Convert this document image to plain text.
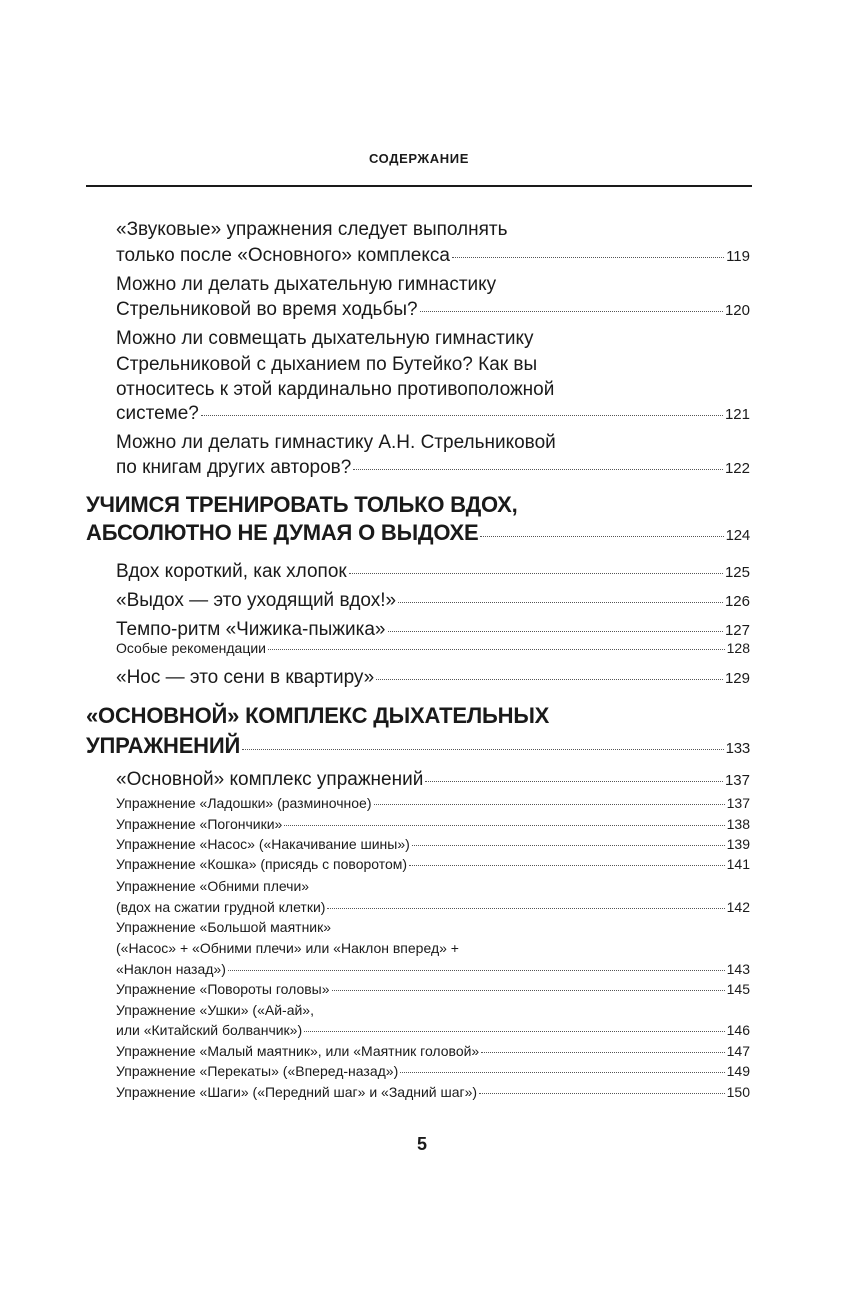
СОДЕРЖАНИЕ
«Звуковые» упражнения следует выполнять
только после «Основного» комплекса	119
Можно ли делать дыхательную гимнастику
Стрельниковой во время ходьбы?	120
Можно ли совмещать дыхательную гимнастику
Стрельниковой с дыханием по Бутейко? Как вы
относитесь к этой кардинально противоположной
системе?	121
Можно ли делать гимнастику А.Н. Стрельниковой
по книгам других авторов?	122
УЧИМСЯ ТРЕНИРОВАТЬ ТОЛЬКО ВДОХ,
АБСОЛЮТНО НЕ ДУМАЯ О ВЫДОХЕ	124
Вдох короткий, как хлопок	125
«Выдох — это уходящий вдох!»	126
Темпо-ритм «Чижика-пыжика»	127
Особые рекомендации	128
«Нос — это сени в квартиру»	129
«ОСНОВНОЙ» КОМПЛЕКС ДЫХАТЕЛЬНЫХ
УПРАЖНЕНИЙ	133
«Основной» комплекс упражнений	137
Упражнение «Ладошки» (разминочное)	137
Упражнение «Погончики»	138
Упражнение «Насос» («Накачивание шины»)	139
Упражнение «Кошка» (присядь с поворотом)	141
Упражнение «Обними плечи»
(вдох на сжатии грудной клетки)	142
Упражнение «Большой маятник»
(«Насос» + «Обними плечи» или «Наклон вперед» +
«Наклон назад»)	143
Упражнение «Повороты головы»	145
Упражнение «Ушки» («Ай-ай»,
или «Китайский болванчик»)	146
Упражнение «Малый маятник», или «Маятник головой»	147
Упражнение «Перекаты» («Вперед-назад»)	149
Упражнение «Шаги» («Передний шаг» и «Задний шаг»)	150
5
